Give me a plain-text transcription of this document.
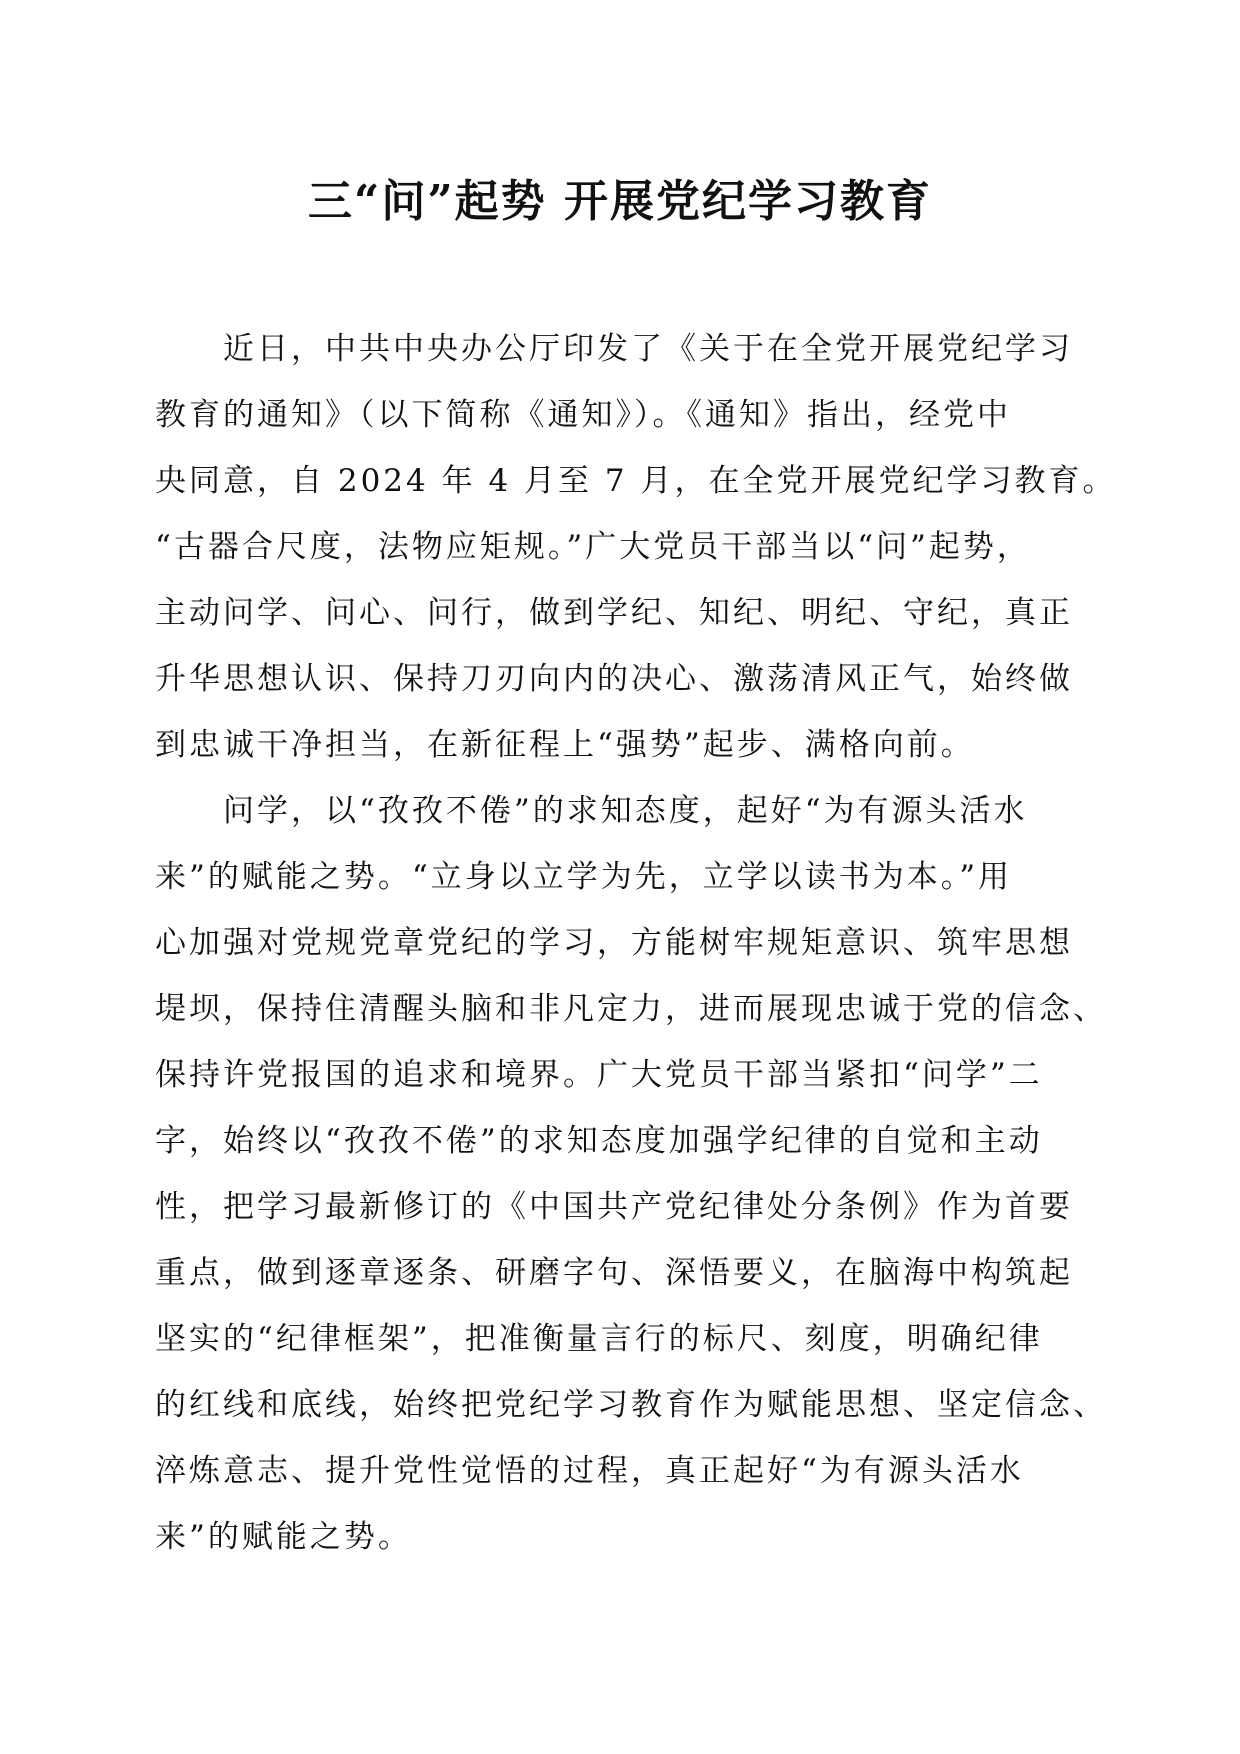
三“问”起势 开展党纪学习教育
近日，中共中央办公厅印发了《关于在全党开展党纪学习
教育的通知》（以下简称《通知》）。《通知》指出，经党中
央同意，自 2024 年 4 月至 7 月，在全党开展党纪学习教育。
“古器合尺度，法物应矩规。”广大党员干部当以“问”起势，
主动问学、问心、问行，做到学纪、知纪、明纪、守纪，真正
升华思想认识、保持刀刃向内的决心、激荡清风正气，始终做
到忠诚干净担当，在新征程上“强势”起步、满格向前。
问学，以“孜孜不倦”的求知态度，起好“为有源头活水
来”的赋能之势。“立身以立学为先，立学以读书为本。”用
心加强对党规党章党纪的学习，方能树牢规矩意识、筑牢思想
堤坝，保持住清醒头脑和非凡定力，进而展现忠诚于党的信念、
保持许党报国的追求和境界。广大党员干部当紧扣“问学”二
字，始终以“孜孜不倦”的求知态度加强学纪律的自觉和主动
性，把学习最新修订的《中国共产党纪律处分条例》作为首要
重点，做到逐章逐条、研磨字句、深悟要义，在脑海中构筑起
坚实的“纪律框架”，把准衡量言行的标尺、刻度，明确纪律
的红线和底线，始终把党纪学习教育作为赋能思想、坚定信念、
淬炼意志、提升党性觉悟的过程，真正起好“为有源头活水
来”的赋能之势。
